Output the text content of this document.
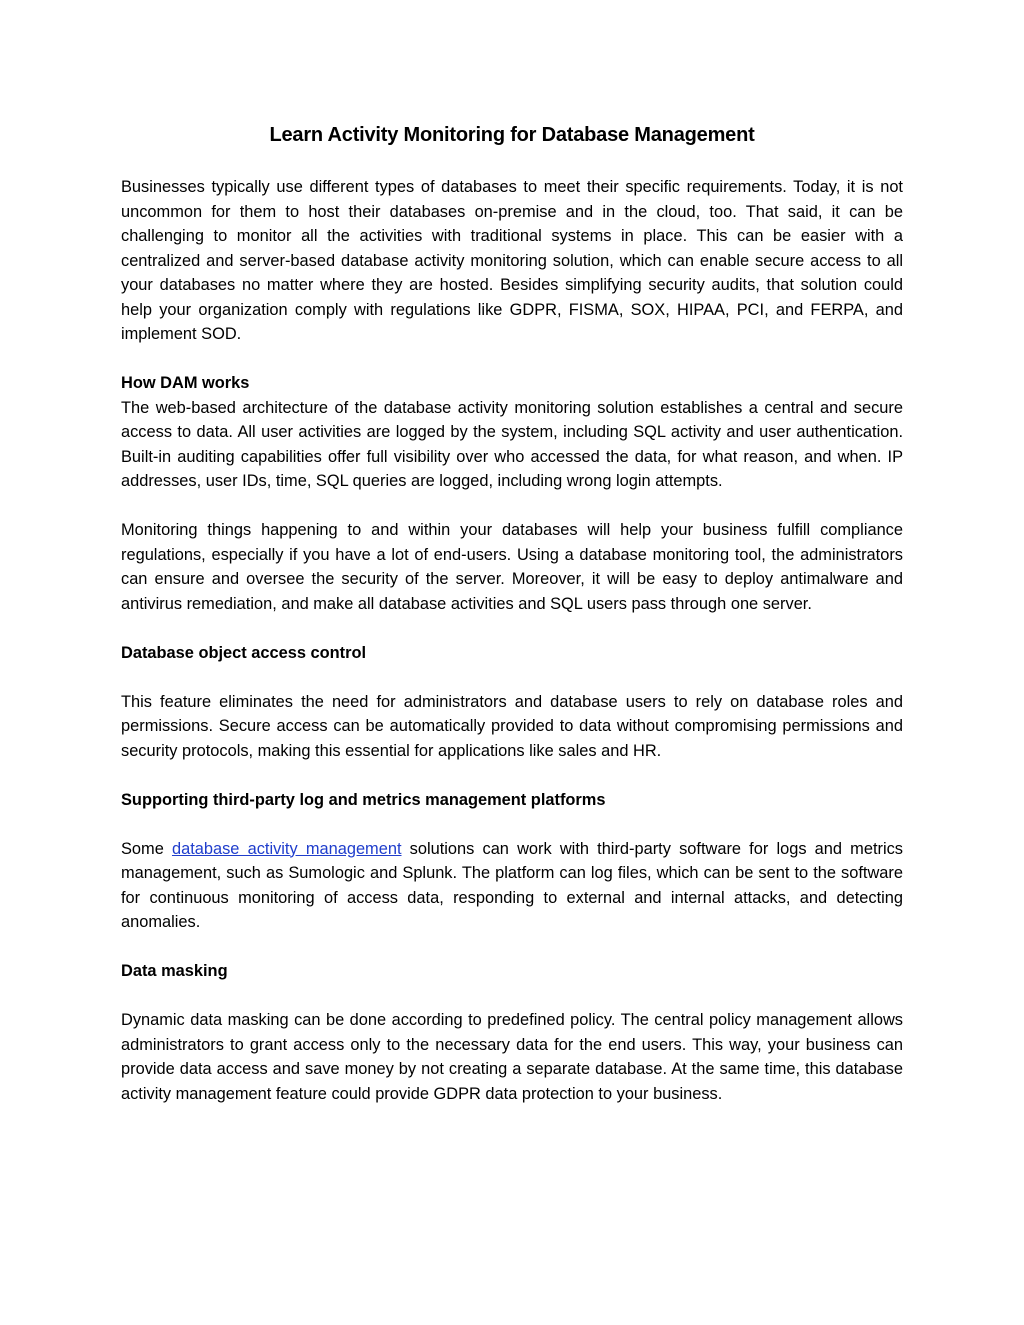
Learn Activity Monitoring for Database Management

Businesses typically use different types of databases to meet their specific requirements. Today, it is not uncommon for them to host their databases on-premise and in the cloud, too. That said, it can be challenging to monitor all the activities with traditional systems in place. This can be easier with a centralized and server-based database activity monitoring solution, which can enable secure access to all your databases no matter where they are hosted. Besides simplifying security audits, that solution could help your organization comply with regulations like GDPR, FISMA, SOX, HIPAA, PCI, and FERPA, and implement SOD.

How DAM works

The web-based architecture of the database activity monitoring solution establishes a central and secure access to data. All user activities are logged by the system, including SQL activity and user authentication. Built-in auditing capabilities offer full visibility over who accessed the data, for what reason, and when. IP addresses, user IDs, time, SQL queries are logged, including wrong login attempts.

Monitoring things happening to and within your databases will help your business fulfill compliance regulations, especially if you have a lot of end-users. Using a database monitoring tool, the administrators can ensure and oversee the security of the server. Moreover, it will be easy to deploy antimalware and antivirus remediation, and make all database activities and SQL users pass through one server.

Database object access control

This feature eliminates the need for administrators and database users to rely on database roles and permissions. Secure access can be automatically provided to data without compromising permissions and security protocols, making this essential for applications like sales and HR.

Supporting third-party log and metrics management platforms

Some database activity management solutions can work with third-party software for logs and metrics management, such as Sumologic and Splunk. The platform can log files, which can be sent to the software for continuous monitoring of access data, responding to external and internal attacks, and detecting anomalies.

Data masking

Dynamic data masking can be done according to predefined policy. The central policy management allows administrators to grant access only to the necessary data for the end users. This way, your business can provide data access and save money by not creating a separate database. At the same time, this database activity management feature could provide GDPR data protection to your business.
